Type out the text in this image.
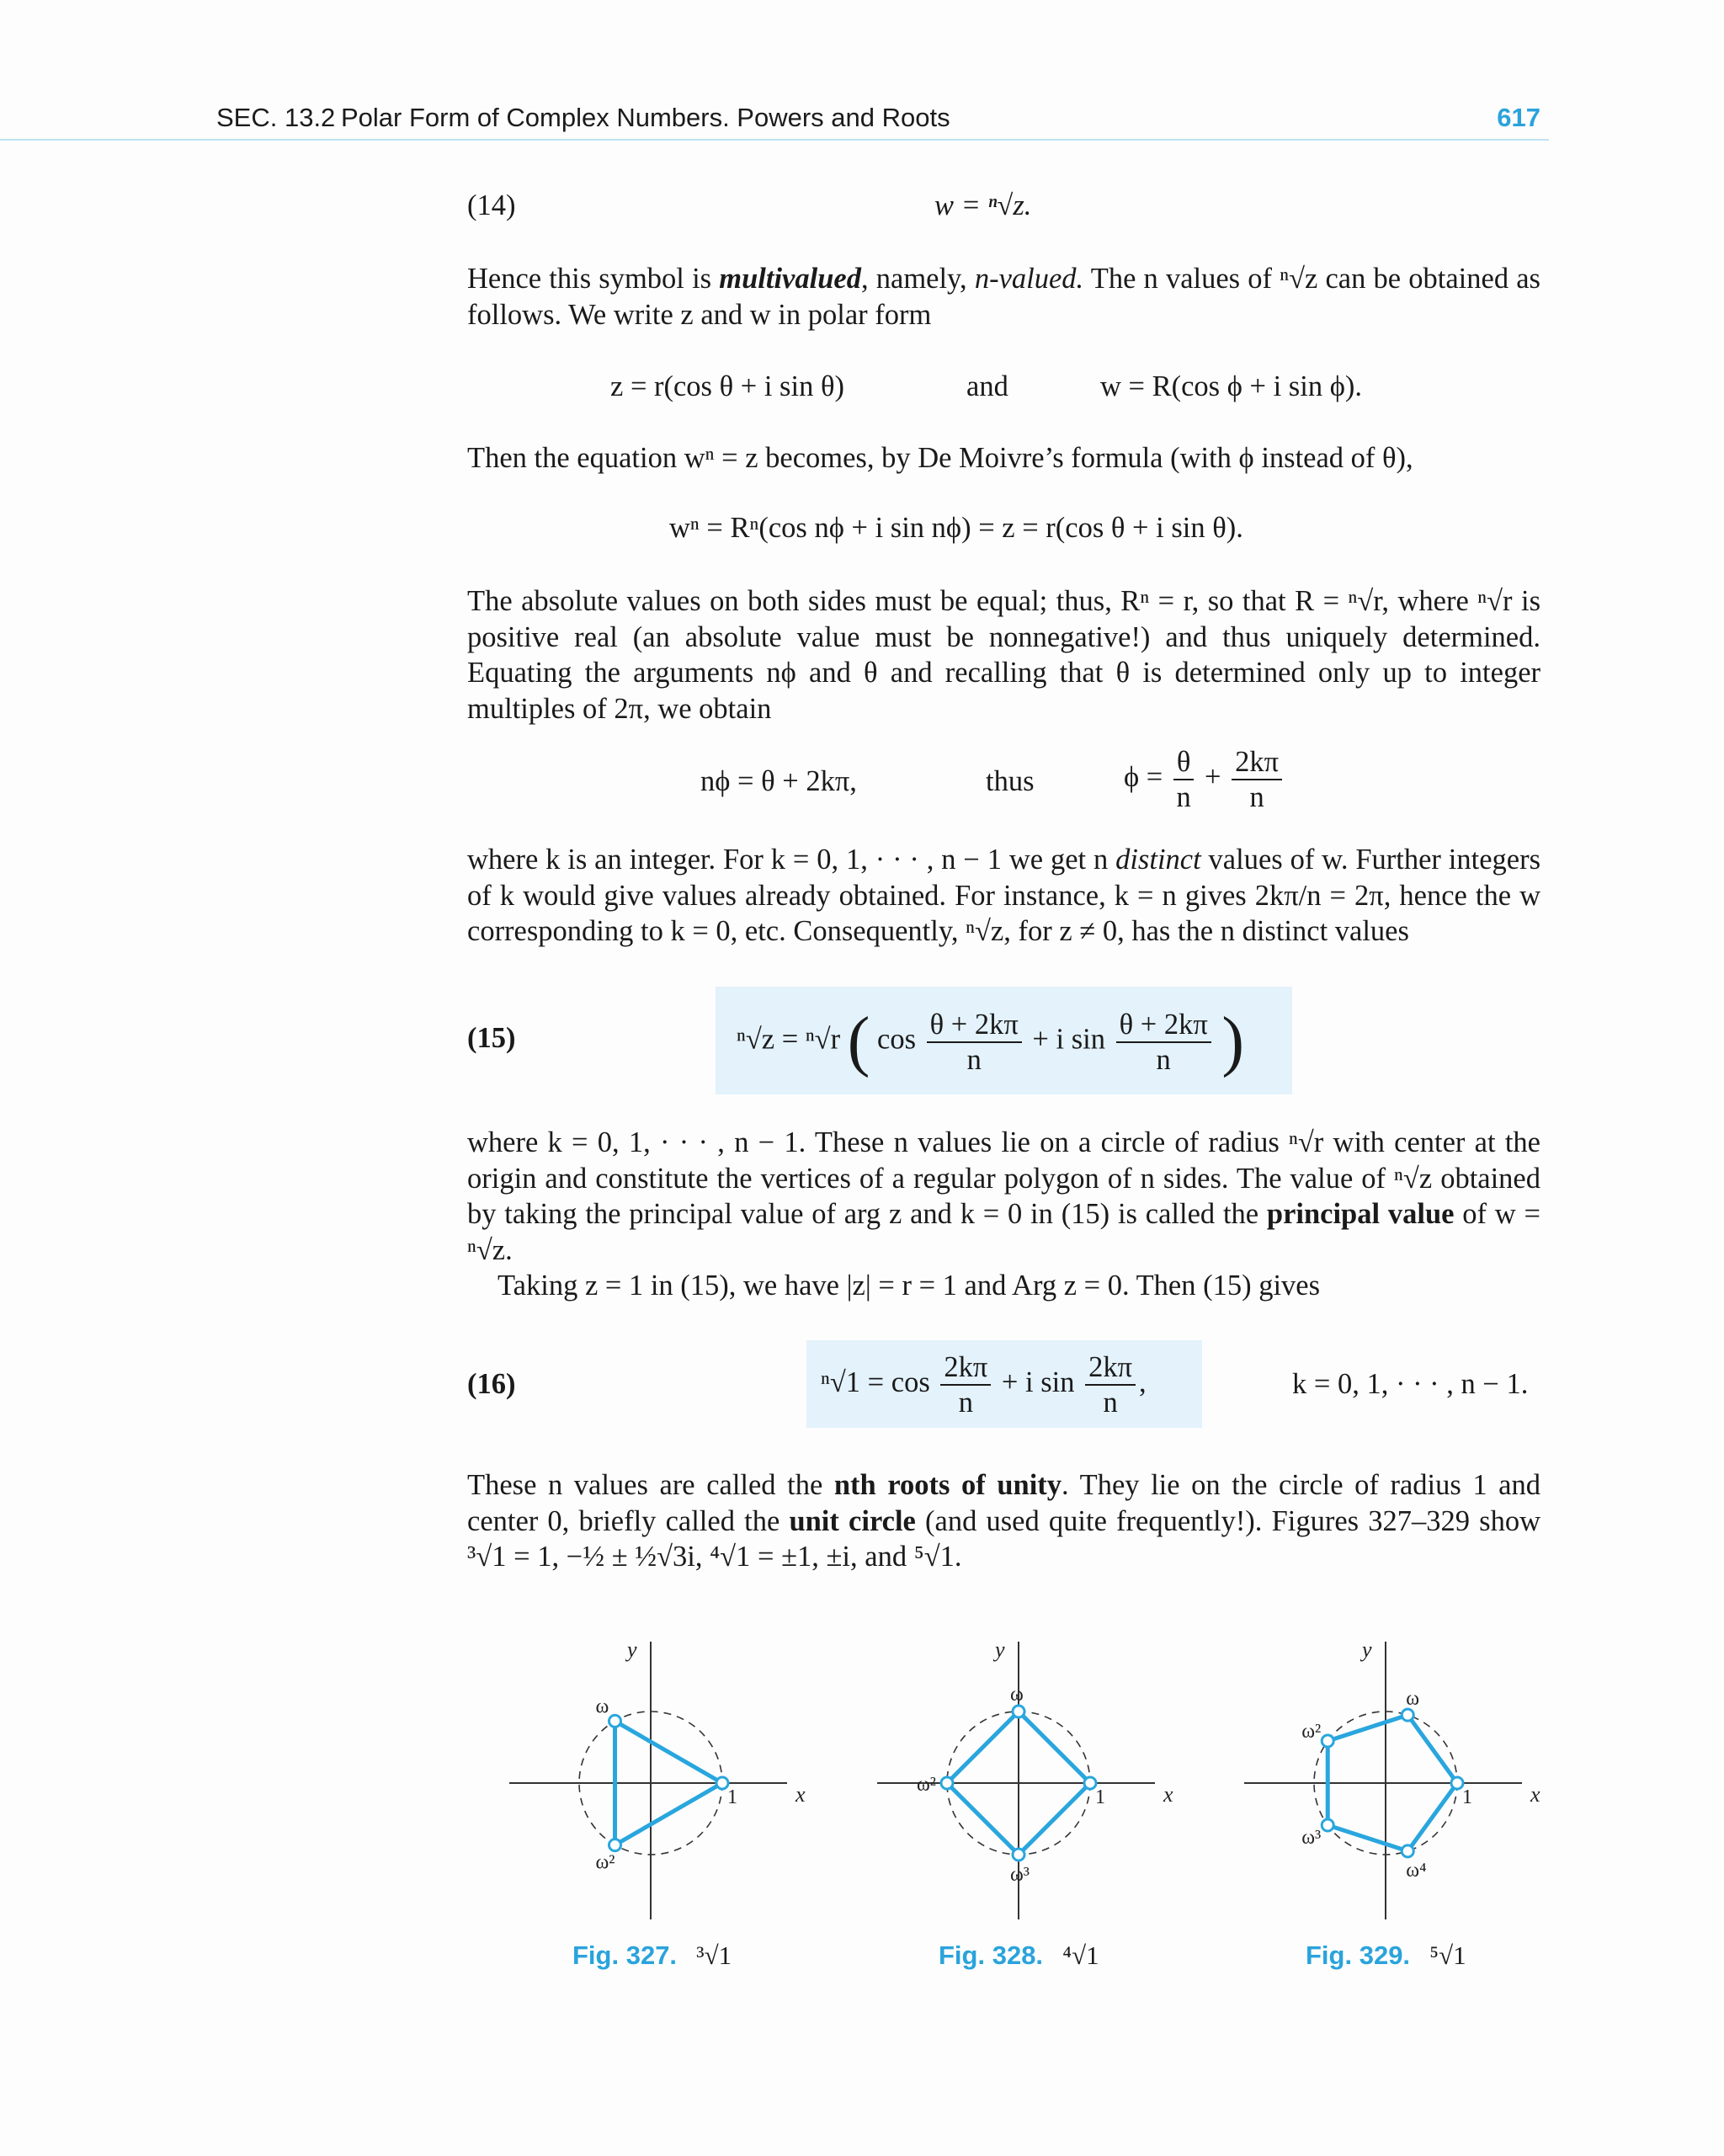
SEC. 13.2 Polar Form of Complex Numbers. Powers and Roots	617
(14)	w = ⁿ√z.

Hence this symbol is multivalued, namely, n-valued. The n values of ⁿ√z can be obtained as follows. We write z and w in polar form

z = r(cos θ + i sin θ)	and	w = R(cos ϕ + i sin ϕ).

Then the equation wⁿ = z becomes, by De Moivre’s formula (with ϕ instead of θ),

wⁿ = Rⁿ(cos nϕ + i sin nϕ) = z = r(cos θ + i sin θ).

The absolute values on both sides must be equal; thus, Rⁿ = r, so that R = ⁿ√r, where ⁿ√r is positive real (an absolute value must be nonnegative!) and thus uniquely determined. Equating the arguments nϕ and θ and recalling that θ is determined only up to integer multiples of 2π, we obtain

nϕ = θ + 2kπ,	thus	$\phi = \frac{\theta}{n} + \frac{2k\pi}{n}$

where k is an integer. For k = 0, 1, · · · , n − 1 we get n distinct values of w. Further integers of k would give values already obtained. For instance, k = n gives 2kπ/n = 2π, hence the w corresponding to k = 0, etc. Consequently, ⁿ√z, for z ≠ 0, has the n distinct values

(15)	ⁿ√z = ⁿ√r ( $\cos \frac{\theta + 2k\pi}{n} + i$ $\sin \frac{\theta + 2k\pi}{n}$ )

where k = 0, 1, · · · , n − 1. These n values lie on a circle of radius ⁿ√r with center at the origin and constitute the vertices of a regular polygon of n sides. The value of ⁿ√z obtained by taking the principal value of arg z and k = 0 in (15) is called the principal value of w = ⁿ√z.

Taking z = 1 in (15), we have |z| = r = 1 and Arg z = 0. Then (15) gives

(16)	$^n√1 = \cos \frac{2k\pi}{n} + i$ $\sin \frac{2k\pi}{n}$ ,	k = 0, 1, · · · , n − 1.

These n values are called the nth roots of unity. They lie on the circle of radius 1 and center 0, briefly called the unit circle (and used quite frequently!). Figures 327–329 show ³√1 = 1, −½ ± ½√3i, ⁴√1 = ±1, ±i, and ⁵√1.

x
y
1
ω
ω²
x
y
1
ω
ω²
ω³
x
y
1
ω
ω²
ω³
ω⁴
Fig. 327. ³√1	Fig. 328. ⁴√1	Fig. 329. ⁵√1
